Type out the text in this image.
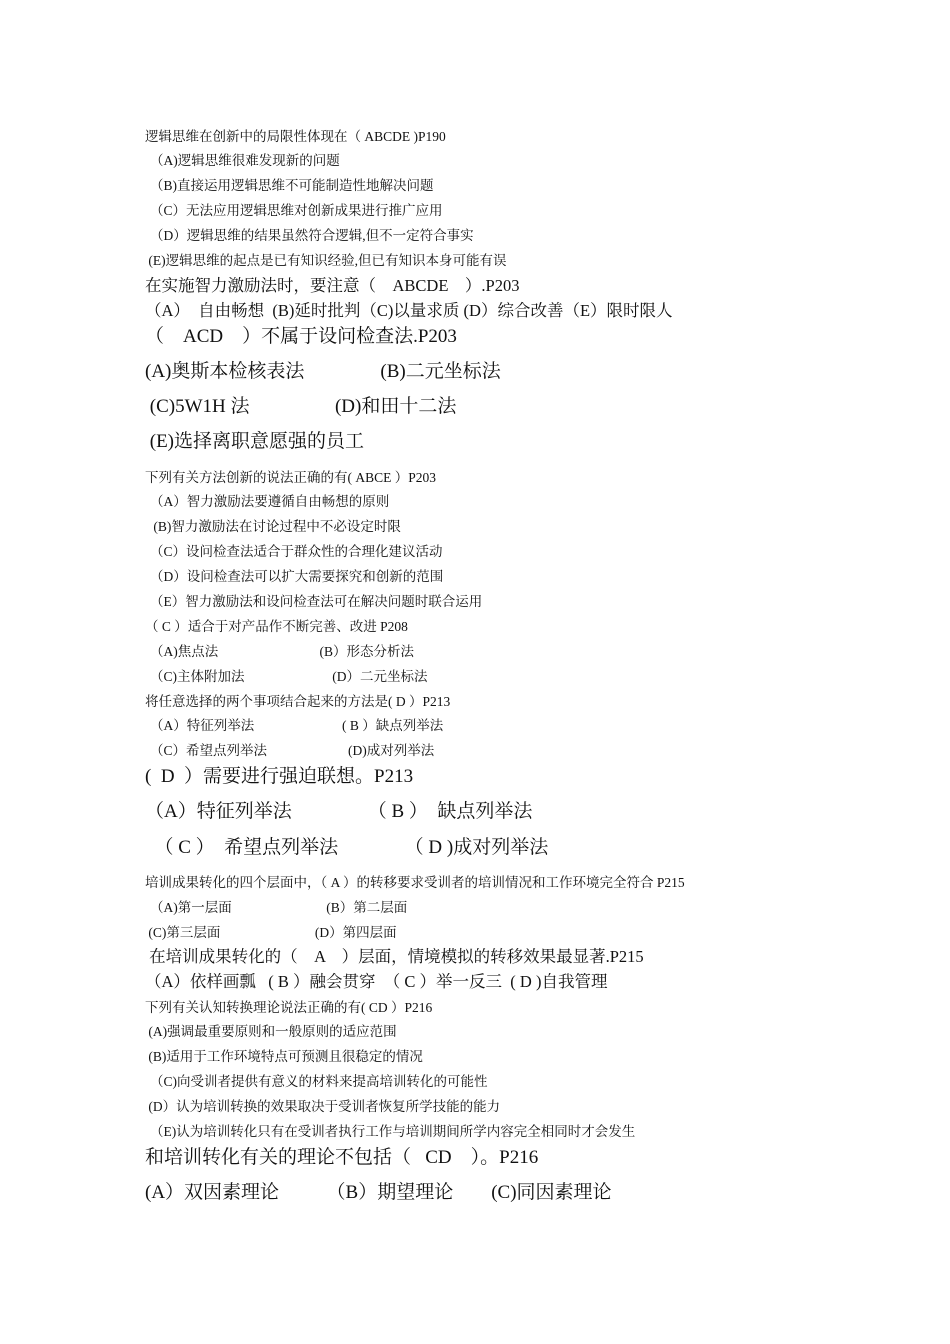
逻辑思维在创新中的局限性体现在（ ABCDE )P190
（A)逻辑思维很难发现新的问题
（B)直接运用逻辑思维不可能制造性地解决问题
（C）无法应用逻辑思维对创新成果进行推广应用
（D）逻辑思维的结果虽然符合逻辑,但不一定符合事实
(E)逻辑思维的起点是已有知识经验,但已有知识本身可能有误
在实施智力激励法时，要注意（    ABCDE    ）.P203
（A）  自由畅想  (B)延时批判（C)以量求质 (D）综合改善（E）限时限人
（    ACD    ）不属于设问检查法.P203
(A)奥斯本检核表法                (B)二元坐标法
(C)5W1H 法                  (D)和田十二法
(E)选择离职意愿强的员工
下列有关方法创新的说法正确的有( ABCE ）P203
（A）智力激励法要遵循自由畅想的原则
(B)智力激励法在讨论过程中不必设定时限
（C）设问检查法适合于群众性的合理化建议活动
（D）设问检查法可以扩大需要探究和创新的范围
（E）智力激励法和设问检查法可在解决问题时联合运用
（ C ）适合于对产品作不断完善、改进 P208
（A)焦点法                              (B）形态分析法
（C)主体附加法                          (D）二元坐标法
将任意选择的两个事项结合起来的方法是( D ）P213
（A）特征列举法                          ( B ）缺点列举法
（C）希望点列举法                        (D)成对列举法
(  D  ）需要进行强迫联想。P213
（A）特征列举法                （ B ）  缺点列举法
（ C ）  希望点列举法              （ D )成对列举法
培训成果转化的四个层面中，（ A ）的转移要求受训者的培训情况和工作环境完全符合 P215
（A)第一层面                            (B）第二层面
(C)第三层面                            (D）第四层面
在培训成果转化的（    A    ）层面，情境模拟的转移效果最显著.P215
（A）依样画瓢   ( B ）融会贯穿  （ C ）举一反三  ( D )自我管理
下列有关认知转换理论说法正确的有( CD ）P216
(A)强调最重要原则和一般原则的适应范围
(B)适用于工作环境特点可预测且很稳定的情况
（C)向受训者提供有意义的材料来提高培训转化的可能性
(D）认为培训转换的效果取决于受训者恢复所学技能的能力
（E)认为培训转化只有在受训者执行工作与培训期间所学内容完全相同时才会发生
和培训转化有关的理论不包括（   CD    ）。P216
(A）双因素理论          （B）期望理论        (C)同因素理论
